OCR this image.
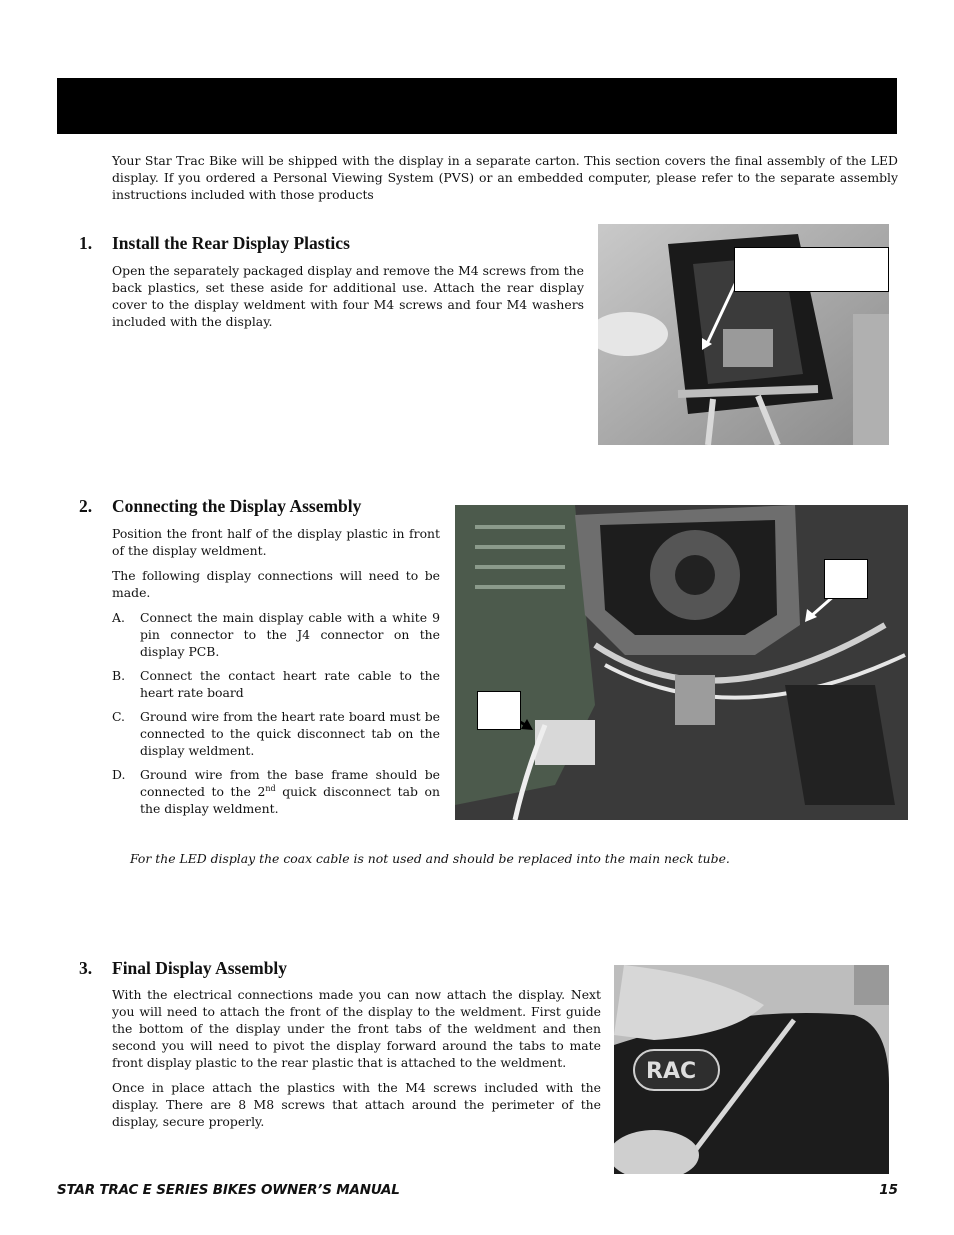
Your Star Trac Bike will be shipped with the display in a separate carton. This section covers the final assembly of the LED display. If you ordered a Personal Viewing System (PVS) or an embedded computer, please refer to the separate assembly instructions included with those products
1. Install the Rear Display Plastics

Open the separately packaged display and remove the M4 screws from the back plastics, set these aside for additional use. Attach the rear display cover to the display weldment with four M4 screws and four M4 washers included with the display.

2. Connecting the Display Assembly

Position the front half of the display plastic in front of the display weldment.

The following display connections will need to be made.

A.	Connect the main display cable with a white 9 pin connector to the J4 connector on the display PCB.
B.	Connect the contact heart rate cable to the heart rate board
C.	Ground wire from the heart rate board must be connected to the quick disconnect tab on the display weldment.
D.	Ground wire from the base frame should be connected to the 2nd quick disconnect tab on the display weldment.
For the LED display the coax cable is not used and should be replaced into the main neck tube.
3. Final Display Assembly

With the electrical connections made you can now attach the display. Next you will need to attach the front of the display to the weldment. First guide the bottom of the display under the front tabs of the weldment and then second you will need to pivot the display forward around the tabs to mate front display plastic to the rear plastic that is attached to the weldment.

Once in place attach the plastics with the M4 screws included with the display. There are 8 M8 screws that attach around the perimeter of the display, secure properly.

RAC
STAR TRAC E SERIES BIKES OWNER’S MANUAL	15
